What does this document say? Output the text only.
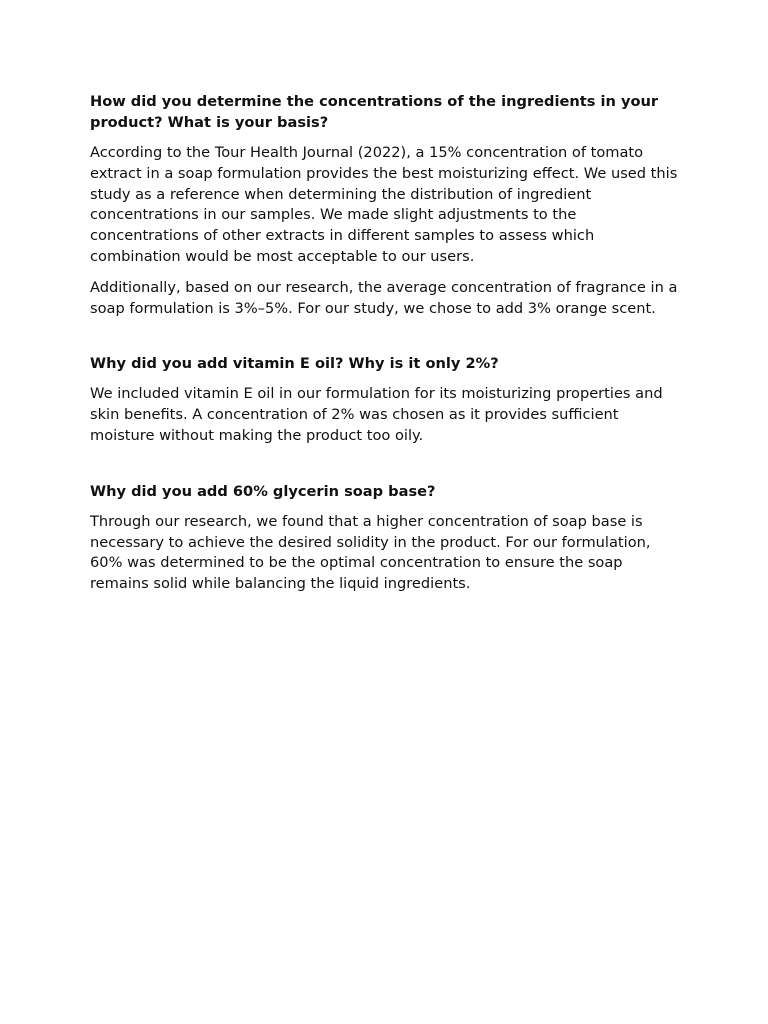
How did you determine the concentrations of the ingredients in your product? What is your basis?

According to the Tour Health Journal (2022), a 15% concentration of tomato extract in a soap formulation provides the best moisturizing effect. We used this study as a reference when determining the distribution of ingredient concentrations in our samples. We made slight adjustments to the concentrations of other extracts in different samples to assess which combination would be most acceptable to our users.

Additionally, based on our research, the average concentration of fragrance in a soap formulation is 3%–5%. For our study, we chose to add 3% orange scent.

Why did you add vitamin E oil? Why is it only 2%?

We included vitamin E oil in our formulation for its moisturizing properties and skin benefits. A concentration of 2% was chosen as it provides sufficient moisture without making the product too oily.

Why did you add 60% glycerin soap base?

Through our research, we found that a higher concentration of soap base is necessary to achieve the desired solidity in the product. For our formulation, 60% was determined to be the optimal concentration to ensure the soap remains solid while balancing the liquid ingredients.
